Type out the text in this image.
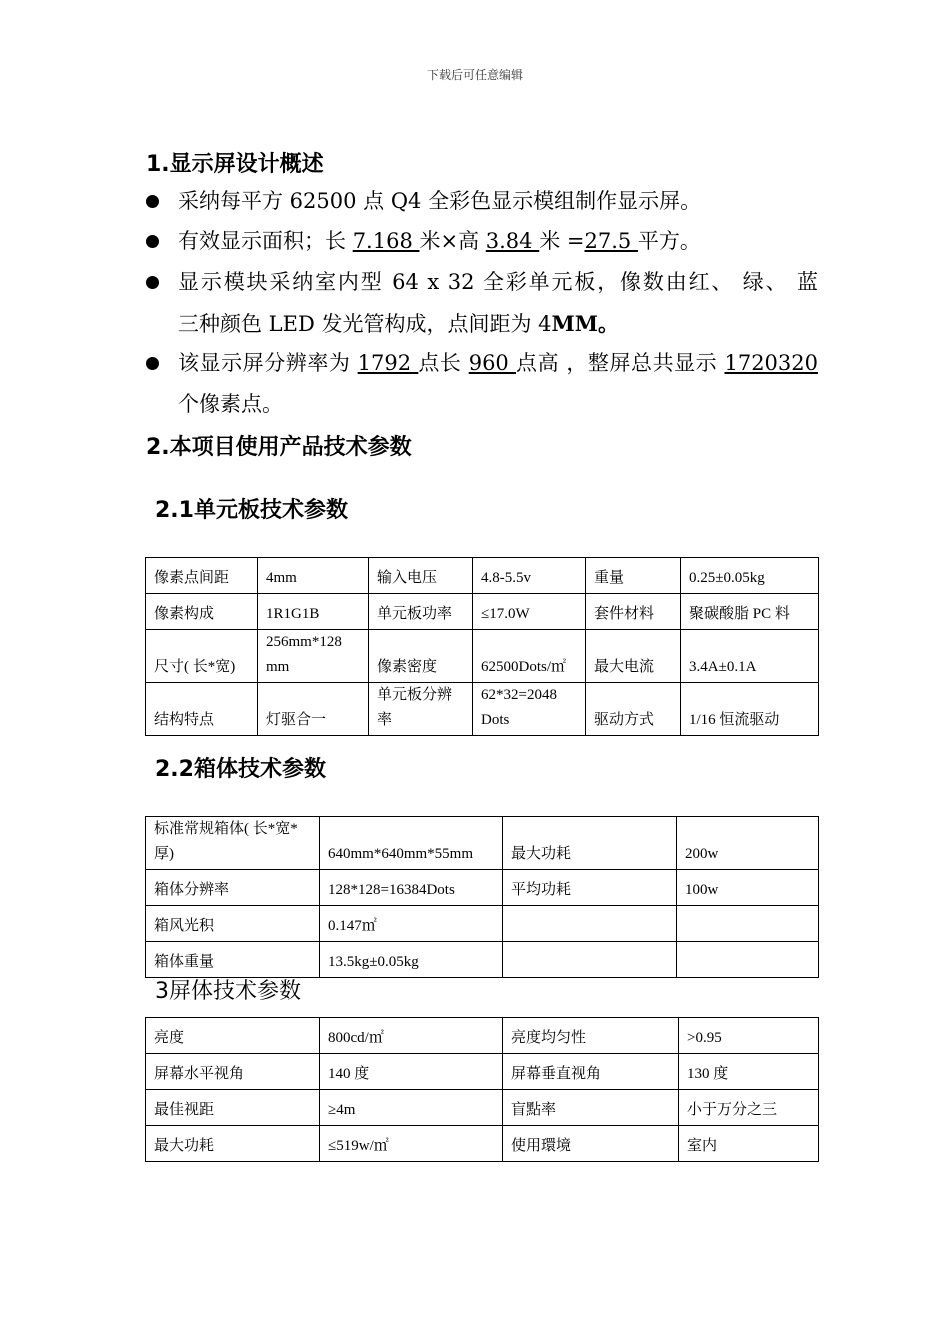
下载后可任意编辑
1.显示屏设计概述
采纳每平方 62500 点 Q4 全彩色显示模组制作显示屏。
有效显示面积；长 7.168 米×高 3.84 米 =27.5 平方。
显示模块采纳室内型 64 x 32 全彩单元板，像数由红、 绿、 蓝
三种颜色 LED 发光管构成，点间距为 4MM。
该显示屏分辨率为 1792 点长 960 点高 ，整屏总共显示 1720320
个像素点。
2.本项目使用产品技术参数
2.1单元板技术参数
像素点间距	4mm	输入电压	4.8-5.5v	重量	0.25±0.05kg
像素构成	1R1G1B	单元板功率	≤17.0W	套件材料	聚碳酸脂 PC 料
尺寸( 长*宽)	256mm*128 mm	像素密度	62500Dots/㎡	最大电流	3.4A±0.1A
结构特点	灯驱合一	单元板分辨率	62*32=2048 Dots	驱动方式	1/16 恒流驱动
2.2箱体技术参数
标准常规箱体( 长*宽*厚)	640mm*640mm*55mm	最大功耗	200w
箱体分辨率	128*128=16384Dots	平均功耗	100w
箱风光积	0.147㎡		
箱体重量	13.5kg±0.05kg		
3屏体技术参数
亮度	800cd/㎡	亮度均匀性	>0.95
屏幕水平视角	140 度	屏幕垂直视角	130 度
最佳视距	≥4m	盲點率	小于万分之三
最大功耗	≤519w/㎡	使用環境	室内
